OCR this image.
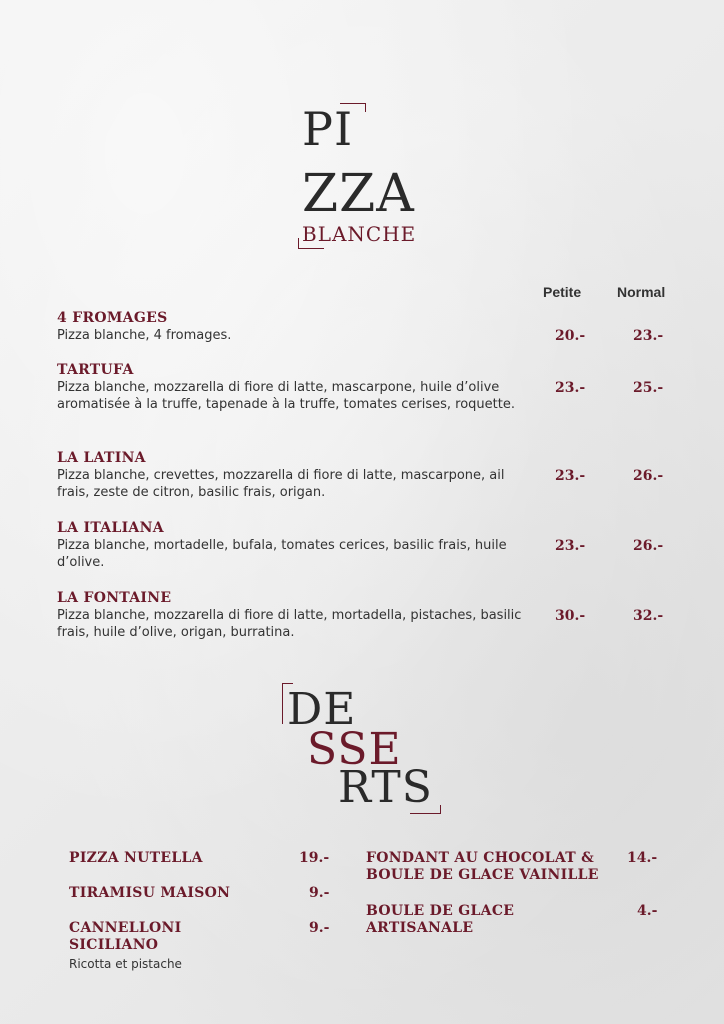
PI
ZZA
BLANCHE
Petite	Normal
4 FROMAGES
Pizza blanche, 4 fromages.	20.-	23.-
TARTUFA
Pizza blanche, mozzarella di fiore di latte, mascarpone, huile d’olive aromatisée à la truffe, tapenade à la truffe, tomates cerises, roquette.
23.-	25.-
LA LATINA
Pizza blanche, crevettes, mozzarella di fiore di latte, mascarpone, ail frais, zeste de citron, basilic frais, origan.
23.-	26.-
LA ITALIANA
Pizza blanche, mortadelle, bufala, tomates cerices, basilic frais, huile d’olive.
23.-	26.-
LA FONTAINE
Pizza blanche, mozzarella di fiore di latte, mortadella, pistaches, basilic frais, huile d’olive, origan, burratina.
30.-	32.-
DE
SSE
RTS
PIZZA NUTELLA	19.-
TIRAMISU MAISON	9.-
CANNELLONI SICILIANO
Ricotta et pistache
9.-
FONDANT AU CHOCOLAT & BOULE DE GLACE VAINILLE
14.-
BOULE DE GLACE ARTISANALE
4.-
